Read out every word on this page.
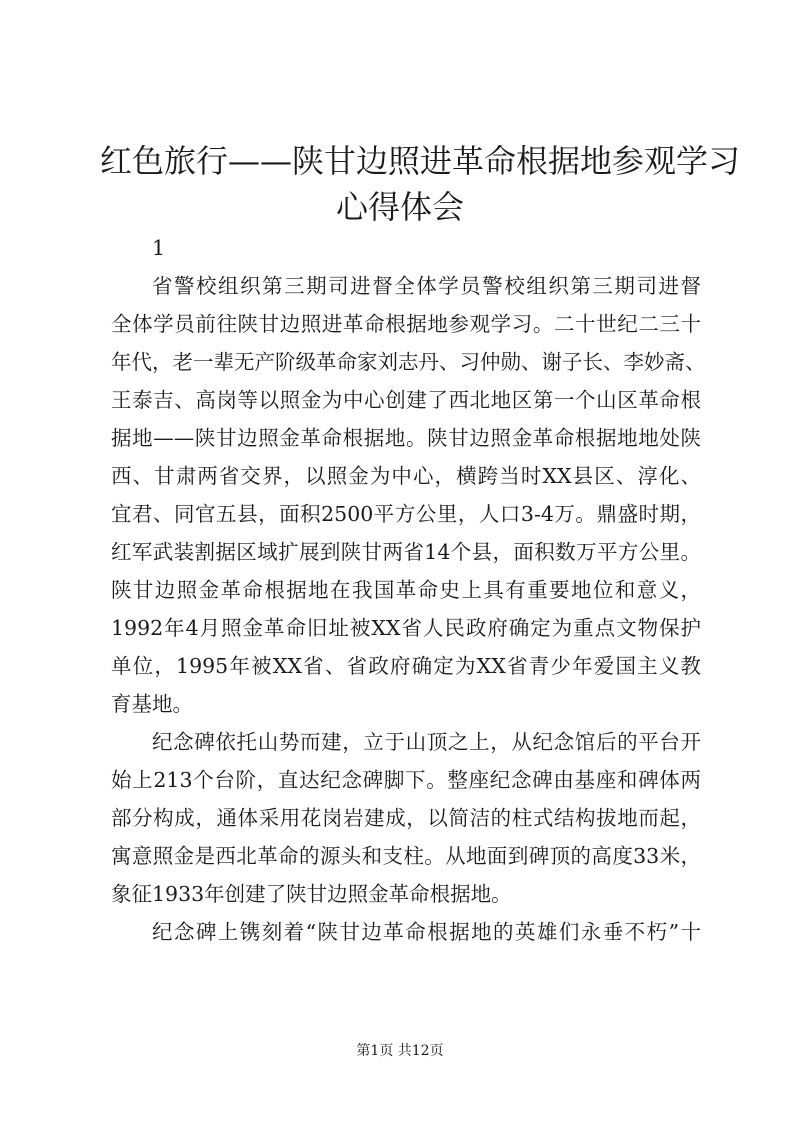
红色旅行——陕甘边照进革命根据地参观学习
心得体会
1
省警校组织第三期司进督全体学员警校组织第三期司进督
全体学员前往陕甘边照进革命根据地参观学习。二十世纪二三十
年代，老一辈无产阶级革命家刘志丹、习仲勋、谢子长、李妙斋、
王泰吉、高岗等以照金为中心创建了西北地区第一个山区革命根
据地——陕甘边照金革命根据地。陕甘边照金革命根据地地处陕
西、甘肃两省交界，以照金为中心，横跨当时XX县区、淳化、
宜君、同官五县，面积2500平方公里，人口3-4万。鼎盛时期，
红军武装割据区域扩展到陕甘两省14个县，面积数万平方公里。
陕甘边照金革命根据地在我国革命史上具有重要地位和意义，
1992年4月照金革命旧址被XX省人民政府确定为重点文物保护
单位，1995年被XX省、省政府确定为XX省青少年爱国主义教
育基地。
纪念碑依托山势而建，立于山顶之上，从纪念馆后的平台开
始上213个台阶，直达纪念碑脚下。整座纪念碑由基座和碑体两
部分构成，通体采用花岗岩建成，以简洁的柱式结构拔地而起，
寓意照金是西北革命的源头和支柱。从地面到碑顶的高度33米，
象征1933年创建了陕甘边照金革命根据地。
纪念碑上镌刻着“陕甘边革命根据地的英雄们永垂不朽”十
第1页 共12页
